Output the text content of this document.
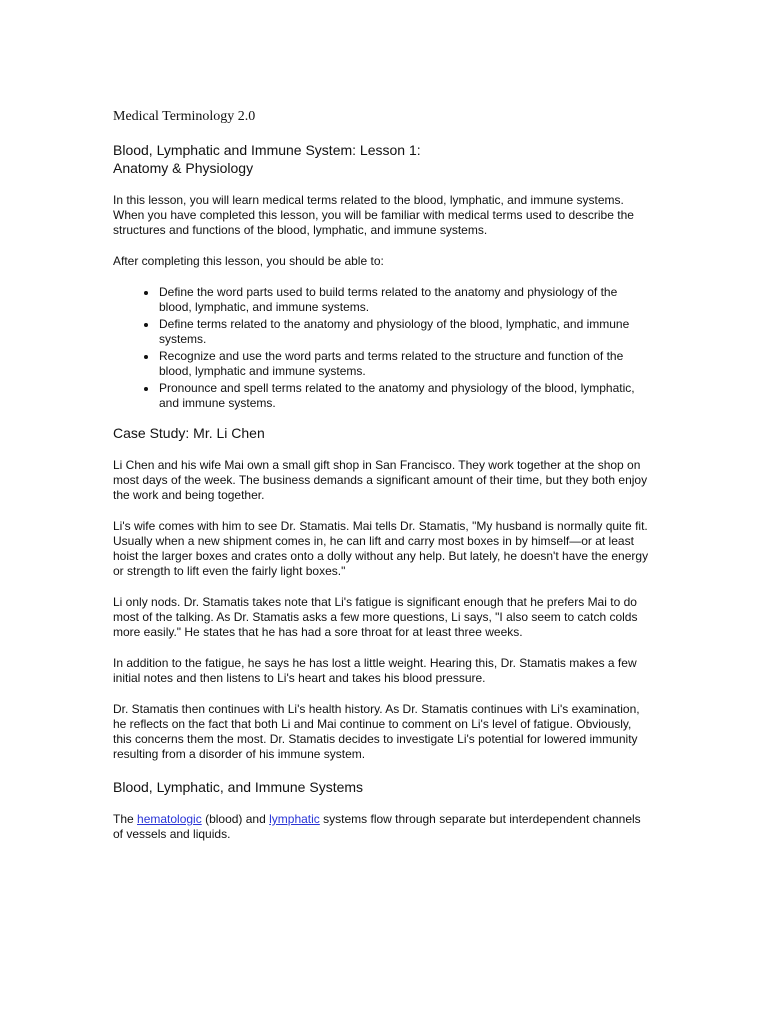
Medical Terminology 2.0
Blood, Lymphatic and Immune System: Lesson 1:
Anatomy & Physiology

In this lesson, you will learn medical terms related to the blood, lymphatic, and immune systems. When you have completed this lesson, you will be familiar with medical terms used to describe the structures and functions of the blood, lymphatic, and immune systems.

After completing this lesson, you should be able to:

• Define the word parts used to build terms related to the anatomy and physiology of the blood, lymphatic, and immune systems.
• Define terms related to the anatomy and physiology of the blood, lymphatic, and immune systems.
• Recognize and use the word parts and terms related to the structure and function of the blood, lymphatic and immune systems.
• Pronounce and spell terms related to the anatomy and physiology of the blood, lymphatic, and immune systems.
Case Study: Mr. Li Chen

Li Chen and his wife Mai own a small gift shop in San Francisco. They work together at the shop on most days of the week. The business demands a significant amount of their time, but they both enjoy the work and being together.

Li's wife comes with him to see Dr. Stamatis. Mai tells Dr. Stamatis, "My husband is normally quite fit. Usually when a new shipment comes in, he can lift and carry most boxes in by himself—or at least hoist the larger boxes and crates onto a dolly without any help. But lately, he doesn't have the energy or strength to lift even the fairly light boxes."

Li only nods. Dr. Stamatis takes note that Li's fatigue is significant enough that he prefers Mai to do most of the talking. As Dr. Stamatis asks a few more questions, Li says, "I also seem to catch colds more easily." He states that he has had a sore throat for at least three weeks.

In addition to the fatigue, he says he has lost a little weight. Hearing this, Dr. Stamatis makes a few initial notes and then listens to Li's heart and takes his blood pressure.

Dr. Stamatis then continues with Li's health history. As Dr. Stamatis continues with Li's examination, he reflects on the fact that both Li and Mai continue to comment on Li's level of fatigue. Obviously, this concerns them the most. Dr. Stamatis decides to investigate Li's potential for lowered immunity resulting from a disorder of his immune system.

Blood, Lymphatic, and Immune Systems

The hematologic (blood) and lymphatic systems flow through separate but interdependent channels of vessels and liquids.
